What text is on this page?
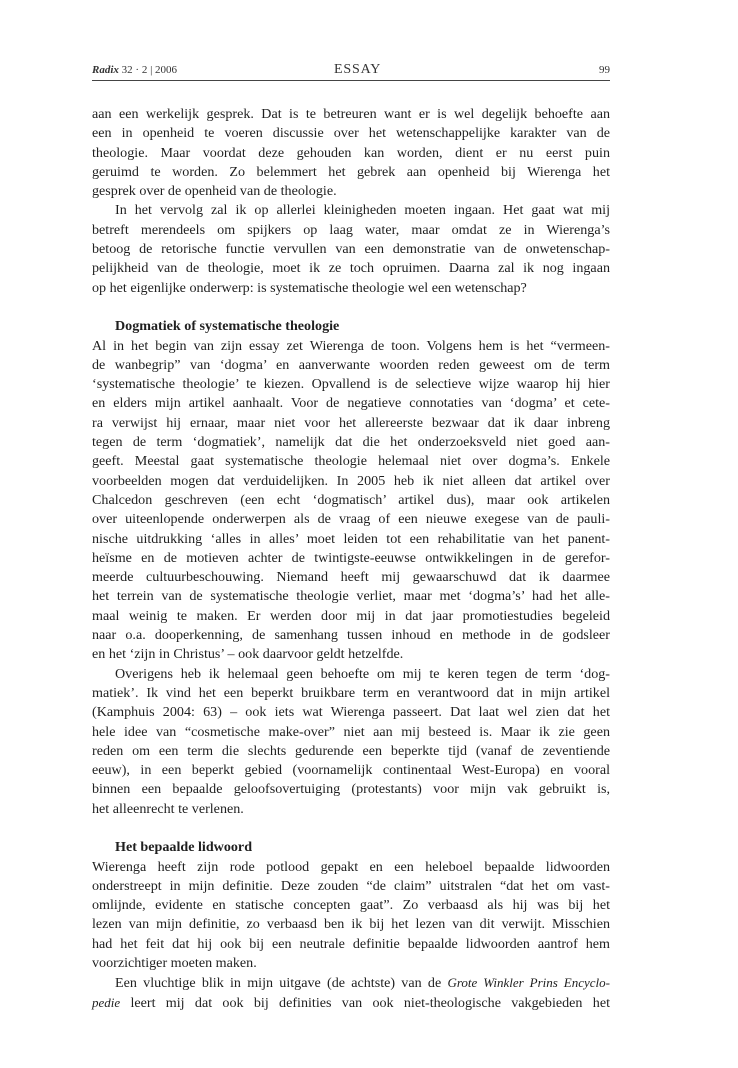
Radix 32 · 2 | 2006	ESSAY	99
aan een werkelijk gesprek. Dat is te betreuren want er is wel degelijk behoefte aan
een in openheid te voeren discussie over het wetenschappelijke karakter van de
theologie. Maar voordat deze gehouden kan worden, dient er nu eerst puin
geruimd te worden. Zo belemmert het gebrek aan openheid bij Wierenga het
gesprek over de openheid van de theologie.
In het vervolg zal ik op allerlei kleinigheden moeten ingaan. Het gaat wat mij
betreft merendeels om spijkers op laag water, maar omdat ze in Wierenga’s
betoog de retorische functie vervullen van een demonstratie van de onwetenschap-
pelijkheid van de theologie, moet ik ze toch opruimen. Daarna zal ik nog ingaan
op het eigenlijke onderwerp: is systematische theologie wel een wetenschap?
Dogmatiek of systematische theologie
Al in het begin van zijn essay zet Wierenga de toon. Volgens hem is het “vermeen-
de wanbegrip” van ‘dogma’ en aanverwante woorden reden geweest om de term
‘systematische theologie’ te kiezen. Opvallend is de selectieve wijze waarop hij hier
en elders mijn artikel aanhaalt. Voor de negatieve connotaties van ‘dogma’ et cete-
ra verwijst hij ernaar, maar niet voor het allereerste bezwaar dat ik daar inbreng
tegen de term ‘dogmatiek’, namelijk dat die het onderzoeksveld niet goed aan-
geeft. Meestal gaat systematische theologie helemaal niet over dogma’s. Enkele
voorbeelden mogen dat verduidelijken. In 2005 heb ik niet alleen dat artikel over
Chalcedon geschreven (een echt ‘dogmatisch’ artikel dus), maar ook artikelen
over uiteenlopende onderwerpen als de vraag of een nieuwe exegese van de pauli-
nische uitdrukking ‘alles in alles’ moet leiden tot een rehabilitatie van het panent-
heïsme en de motieven achter de twintigste-eeuwse ontwikkelingen in de gerefor-
meerde cultuurbeschouwing. Niemand heeft mij gewaarschuwd dat ik daarmee
het terrein van de systematische theologie verliet, maar met ‘dogma’s’ had het alle-
maal weinig te maken. Er werden door mij in dat jaar promotiestudies begeleid
naar o.a. dooperkenning, de samenhang tussen inhoud en methode in de godsleer
en het ‘zijn in Christus’ – ook daarvoor geldt hetzelfde.
Overigens heb ik helemaal geen behoefte om mij te keren tegen de term ‘dog-
matiek’. Ik vind het een beperkt bruikbare term en verantwoord dat in mijn artikel
(Kamphuis 2004: 63) – ook iets wat Wierenga passeert. Dat laat wel zien dat het
hele idee van “cosmetische make-over” niet aan mij besteed is. Maar ik zie geen
reden om een term die slechts gedurende een beperkte tijd (vanaf de zeventiende
eeuw), in een beperkt gebied (voornamelijk continentaal West-Europa) en vooral
binnen een bepaalde geloofsovertuiging (protestants) voor mijn vak gebruikt is,
het alleenrecht te verlenen.
Het bepaalde lidwoord
Wierenga heeft zijn rode potlood gepakt en een heleboel bepaalde lidwoorden
onderstreept in mijn definitie. Deze zouden “de claim” uitstralen “dat het om vast-
omlijnde, evidente en statische concepten gaat”. Zo verbaasd als hij was bij het
lezen van mijn definitie, zo verbaasd ben ik bij het lezen van dit verwijt. Misschien
had het feit dat hij ook bij een neutrale definitie bepaalde lidwoorden aantrof hem
voorzichtiger moeten maken.
Een vluchtige blik in mijn uitgave (de achtste) van de Grote Winkler Prins Encyclo-
pedie leert mij dat ook bij definities van ook niet-theologische vakgebieden het
